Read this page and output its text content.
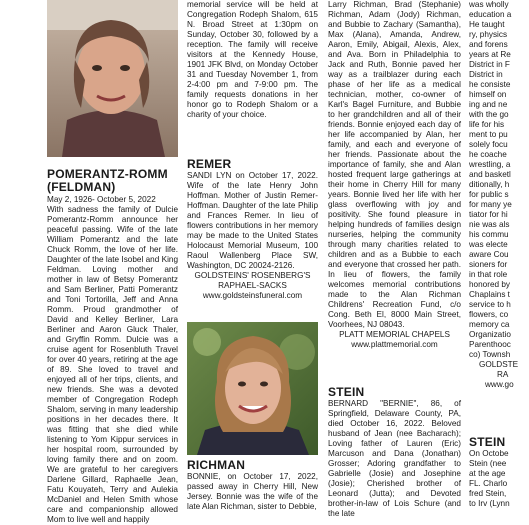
POMERANTZ-ROMM (FELDMAN)
May 2, 1926- October 5, 2022
With sadness the family of Dulcie Pomerantz-Romm announce her peaceful passing. Wife of the late William Pomerantz and the late Chuck Romm, the love of her life. Daughter of the late Isobel and King Feldman. Loving mother and mother in law of Betsy Pomerantz and Sam Berliner, Patti Pomerantz and Toni Tortorilla, Jeff and Anna Romm. Proud grandmother of David and Kelley Berliner, Lara Berliner and Aaron Gluck Thaler, and Gryffin Romm. Dulcie was a cruise agent for Rosenbluth Travel for over 40 years, retiring at the age of 89. She loved to travel and enjoyed all of her trips, clients, and new friends. She was a devoted member of Congregation Rodeph Shalom, serving in many leadership positions in her decades there. It was fitting that she died while listening to Yom Kippur services in her hospital room, surrounded by loving family there and on zoom. We are grateful to her caregivers Darlene Gillard, Raphaelle Jean, Fatu Kouyateh, Terry and Aulekia McDaniel and Helen Smith whose care and companionship allowed Mom to live well and happily
memorial service will be held at Congregation Rodeph Shalom, 615 N. Broad Street at 1:30pm on Sunday, October 30, followed by a reception. The family will receive visitors at the Kennedy House, 1901 JFK Blvd, on Monday October 31 and Tuesday November 1, from 2-4:00 pm and 7-9:00 pm. The family requests donations in her honor go to Rodeph Shalom or a charity of your choice.
REMER
SANDI LYN on October 17, 2022. Wife of the late Henry John Hoffman. Mother of Justin Remer-Hoffman. Daughter of the late Philip and Frances Remer. In lieu of flowers contributions in her memory may be made to the United States Holocaust Memorial Museum, 100 Raoul Wallenberg Place SW, Washington, DC 20024-2126.
GOLDSTEINS' ROSENBERG'S RAPHAEL-SACKS
www.goldsteinsfuneral.com
RICHMAN
BONNIE, on October 17, 2022, passed away in Cherry Hill, New Jersey. Bonnie was the wife of the late Alan Richman, sister to Debbie,
Larry Richman, Brad (Stephanie) Richman, Adam (Jody) Richman, and Bubbie to Zachary (Samantha), Max (Alana), Amanda, Andrew, Aaron, Emily, Abigail, Alexis, Alex, and Ava. Born in Philadelphia to Jack and Ruth, Bonnie paved her way as a trailblazer during each phase of her life as a medical technician, mother, co-owner of Karl's Bagel Furniture, and Bubbie to her grandchildren and all of their friends. Bonnie enjoyed each day of her life accompanied by Alan, her family, and each and everyone of her friends. Passionate about the importance of family, she and Alan hosted frequent large gatherings at their home in Cherry Hill for many years. Bonnie lived her life with her glass overflowing with joy and positivity. She found pleasure in helping hundreds of families design nurseries, helping the community through many charities related to children and as a Bubbie to each and everyone that crossed her path. In lieu of flowers, the family welcomes memorial contributions made to the Alan Richman Childrens' Recreation Fund, c/o Cong. Beth El, 8000 Main Street, Voorhees, NJ 08043.
PLATT MEMORIAL CHAPELS
www.plattmemorial.com
STEIN
BERNARD "BERNIE", 86, of Springfield, Delaware County, PA, died October 16, 2022. Beloved husband of Jean (nee Bacharach); Loving father of Lauren (Eric) Marcuson and Dana (Jonathan) Grosser; Adoring grandfather to Gabrielle (Josie) and Josephine (Josie); Cherished brother of Leonard (Jutta); and Devoted brother-in-law of Lois Schure (and the late
was wholly
education a
He taught
ry, physics
and forens
years at Re
District in F
District in
he consiste
himself on
ing and ne
with the go
life for his
ment to pu
solely focu
he coache
wrestling, a
and basketl
ditionally, h
for public s
for many ye
tiator for hi
nie was als
his commu
was electe
aware Cou
sioners for
in that role
honored by
Chaplains t
service to h
flowers, co
memory ca
Organizatio
Parenthooc
co) Townsh
GOLDSTE
RA
www.go
STEIN
On Octobe
Stein (nee
at the age
FL. Charlo
fred Stein,
to Irv (Lynn
